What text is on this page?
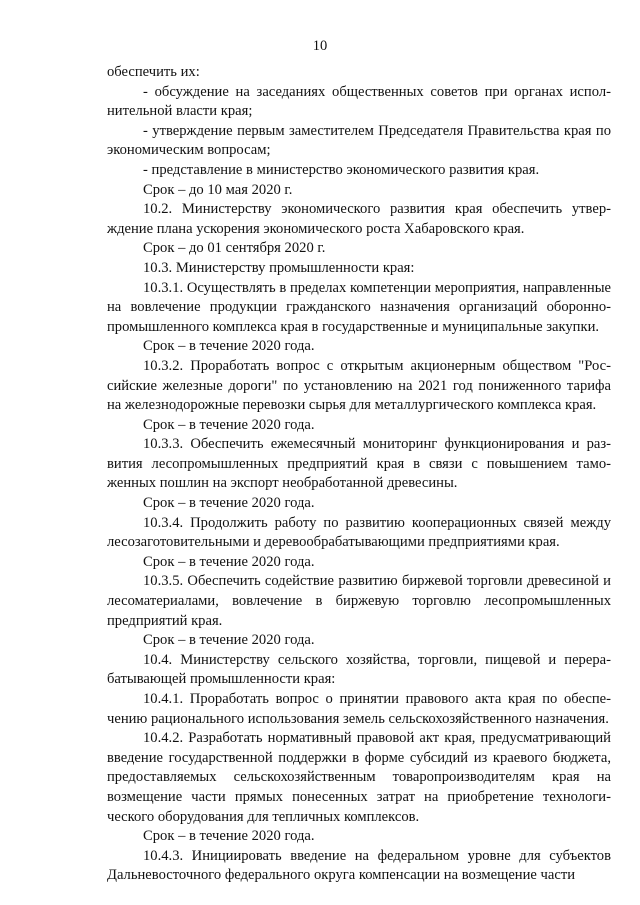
10

обеспечить их:

- обсуждение на заседаниях общественных советов при органах исполнительной власти края;

- утверждение первым заместителем Председателя Правительства края по экономическим вопросам;

- представление в министерство экономического развития края.

Срок – до 10 мая 2020 г.

10.2. Министерству экономического развития края обеспечить утверждение плана ускорения экономического роста Хабаровского края.

Срок – до 01 сентября 2020 г.

10.3. Министерству промышленности края:

10.3.1. Осуществлять в пределах компетенции мероприятия, направленные на вовлечение продукции гражданского назначения организаций оборонно-промышленного комплекса края в государственные и муниципальные закупки.

Срок – в течение 2020 года.

10.3.2. Проработать вопрос с открытым акционерным обществом "Российские железные дороги" по установлению на 2021 год пониженного тарифа на железнодорожные перевозки сырья для металлургического комплекса края.

Срок – в течение 2020 года.

10.3.3. Обеспечить ежемесячный мониторинг функционирования и развития лесопромышленных предприятий края в связи с повышением таможенных пошлин на экспорт необработанной древесины.

Срок – в течение 2020 года.

10.3.4. Продолжить работу по развитию кооперационных связей между лесозаготовительными и деревообрабатывающими предприятиями края.

Срок – в течение 2020 года.

10.3.5. Обеспечить содействие развитию биржевой торговли древесиной и лесоматериалами, вовлечение в биржевую торговлю лесопромышленных предприятий края.

Срок – в течение 2020 года.

10.4. Министерству сельского хозяйства, торговли, пищевой и перерабатывающей промышленности края:

10.4.1. Проработать вопрос о принятии правового акта края по обеспечению рационального использования земель сельскохозяйственного назначения.

10.4.2. Разработать нормативный правовой акт края, предусматривающий введение государственной поддержки в форме субсидий из краевого бюджета, предоставляемых сельскохозяйственным товаропроизводителям края на возмещение части прямых понесенных затрат на приобретение технологического оборудования для тепличных комплексов.

Срок – в течение 2020 года.

10.4.3. Инициировать введение на федеральном уровне для субъектов Дальневосточного федерального округа компенсации на возмещение части
